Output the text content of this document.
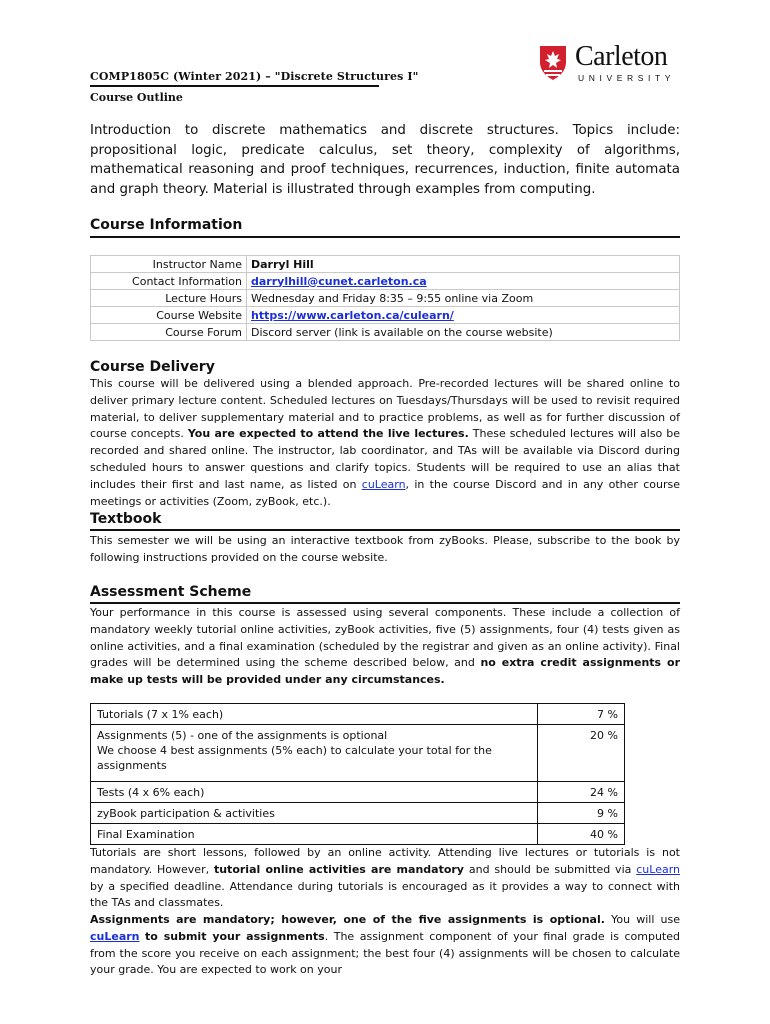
COMP1805C (Winter 2021) – "Discrete Structures I"
Course Outline
Carleton
UNIVERSITY
Introduction to discrete mathematics and discrete structures. Topics include: propositional logic, predicate calculus, set theory, complexity of algorithms, mathematical reasoning and proof techniques, recurrences, induction, finite automata and graph theory. Material is illustrated through examples from computing.
Course Information
Instructor Name	Darryl Hill
Contact Information	darrylhill@cunet.carleton.ca
Lecture Hours	Wednesday and Friday 8:35 – 9:55 online via Zoom
Course Website	https://www.carleton.ca/culearn/
Course Forum	Discord server (link is available on the course website)
Course Delivery
This course will be delivered using a blended approach. Pre-recorded lectures will be shared online to deliver primary lecture content. Scheduled lectures on Tuesdays/Thursdays will be used to revisit required material, to deliver supplementary material and to practice problems, as well as for further discussion of course concepts. You are expected to attend the live lectures. These scheduled lectures will also be recorded and shared online. The instructor, lab coordinator, and TAs will be available via Discord during scheduled hours to answer questions and clarify topics. Students will be required to use an alias that includes their first and last name, as listed on cuLearn, in the course Discord and in any other course meetings or activities (Zoom, zyBook, etc.).
Textbook
This semester we will be using an interactive textbook from zyBooks. Please, subscribe to the book by following instructions provided on the course website.
Assessment Scheme
Your performance in this course is assessed using several components. These include a collection of mandatory weekly tutorial online activities, zyBook activities, five (5) assignments, four (4) tests given as online activities, and a final examination (scheduled by the registrar and given as an online activity). Final grades will be determined using the scheme described below, and no extra credit assignments or make up tests will be provided under any circumstances.
Tutorials (7 x 1% each)	7 %

Assignments (5) - one of the assignments is optional
We choose 4 best assignments (5% each) to calculate your total for the assignments	20 %
Tests (4 x 6% each)	24 %
zyBook participation & activities	9 %
Final Examination	40 %
Tutorials are short lessons, followed by an online activity. Attending live lectures or tutorials is not mandatory. However, tutorial online activities are mandatory and should be submitted via cuLearn by a specified deadline. Attendance during tutorials is encouraged as it provides a way to connect with the TAs and classmates.
Assignments are mandatory; however, one of the five assignments is optional. You will use cuLearn to submit your assignments. The assignment component of your final grade is computed from the score you receive on each assignment; the best four (4) assignments will be chosen to calculate your grade. You are expected to work on your
